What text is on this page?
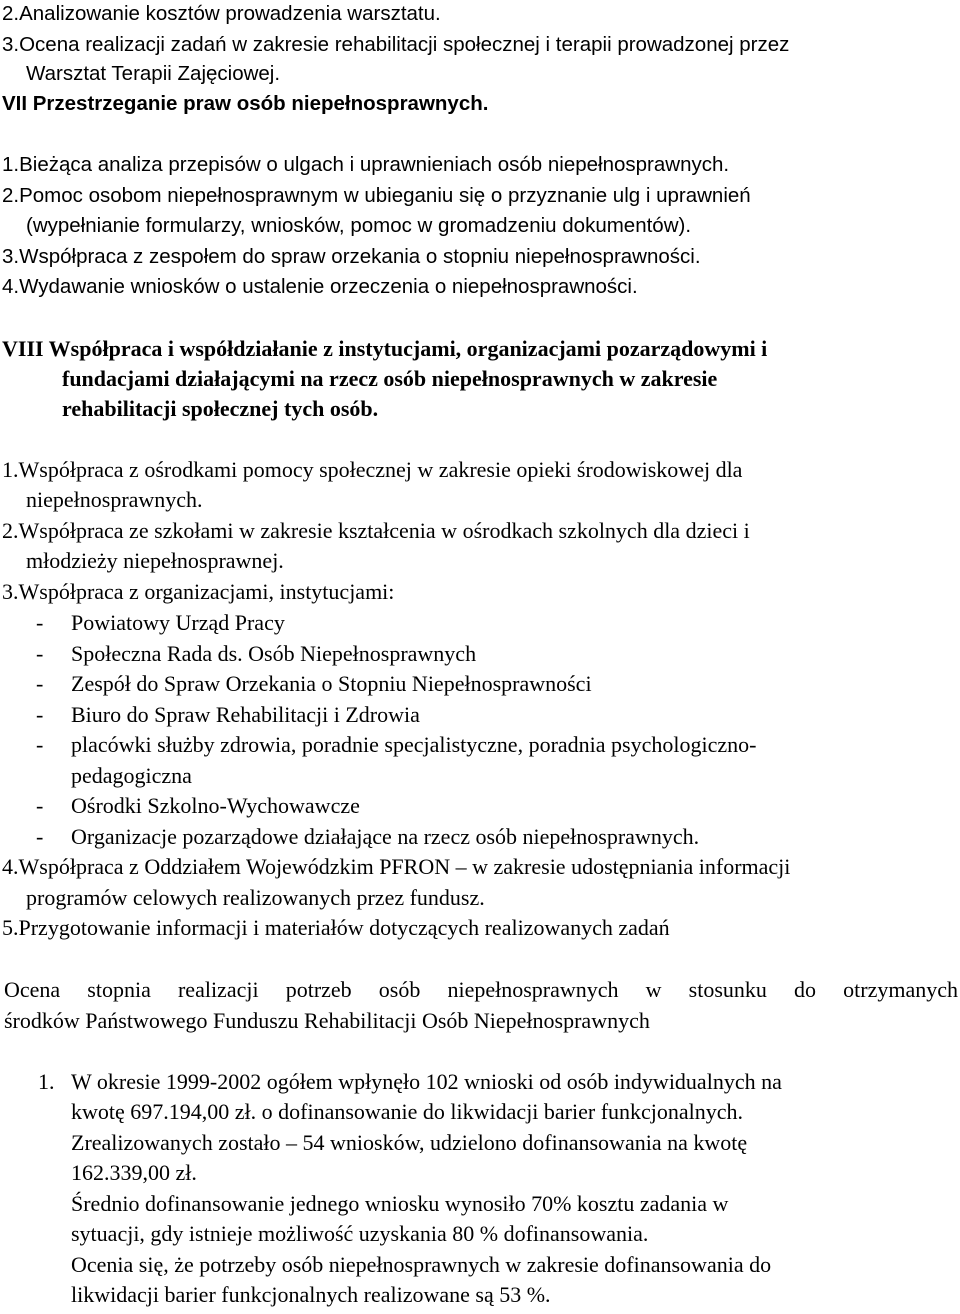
2.Analizowanie kosztów prowadzenia warsztatu.
3.Ocena realizacji zadań w zakresie rehabilitacji społecznej i terapii prowadzonej przez
Warsztat Terapii Zajęciowej.
VII Przestrzeganie praw osób niepełnosprawnych.
1.Bieżąca analiza przepisów o ulgach i uprawnieniach osób niepełnosprawnych.
2.Pomoc osobom niepełnosprawnym w ubieganiu się o przyznanie ulg i uprawnień
(wypełnianie formularzy, wniosków, pomoc w gromadzeniu dokumentów).
3.Współpraca z zespołem do spraw orzekania o stopniu niepełnosprawności.
4.Wydawanie wniosków o ustalenie orzeczenia o niepełnosprawności.
VIII Współpraca i współdziałanie z instytucjami, organizacjami pozarządowymi i
fundacjami działającymi na rzecz osób niepełnosprawnych w zakresie
rehabilitacji społecznej tych osób.
1.Współpraca z ośrodkami pomocy społecznej w zakresie opieki środowiskowej dla
niepełnosprawnych.
2.Współpraca ze szkołami w zakresie kształcenia w ośrodkach szkolnych dla dzieci i
młodzieży niepełnosprawnej.
3.Współpraca z organizacjami, instytucjami:
- Powiatowy Urząd Pracy
- Społeczna Rada ds. Osób Niepełnosprawnych
- Zespół do Spraw Orzekania o Stopniu Niepełnosprawności
- Biuro do Spraw Rehabilitacji i Zdrowia
- placówki służby zdrowia, poradnie specjalistyczne, poradnia psychologiczno-
pedagogiczna
- Ośrodki Szkolno-Wychowawcze
- Organizacje pozarządowe działające na rzecz osób niepełnosprawnych.
4.Współpraca z Oddziałem Wojewódzkim PFRON – w zakresie udostępniania informacji
programów celowych realizowanych przez fundusz.
5.Przygotowanie informacji i materiałów dotyczących realizowanych zadań
Ocena stopnia realizacji potrzeb osób niepełnosprawnych w stosunku do otrzymanych
środków Państwowego Funduszu Rehabilitacji Osób Niepełnosprawnych
1. W okresie 1999-2002 ogółem wpłynęło 102 wnioski od osób indywidualnych na
kwotę 697.194,00 zł. o dofinansowanie do likwidacji barier funkcjonalnych.
Zrealizowanych zostało – 54 wniosków, udzielono dofinansowania na kwotę
162.339,00 zł.
Średnio dofinansowanie jednego wniosku wynosiło 70% kosztu zadania w
sytuacji, gdy istnieje możliwość uzyskania 80 % dofinansowania.
Ocenia się, że potrzeby osób niepełnosprawnych w zakresie dofinansowania do
likwidacji barier funkcjonalnych realizowane są 53 %.
